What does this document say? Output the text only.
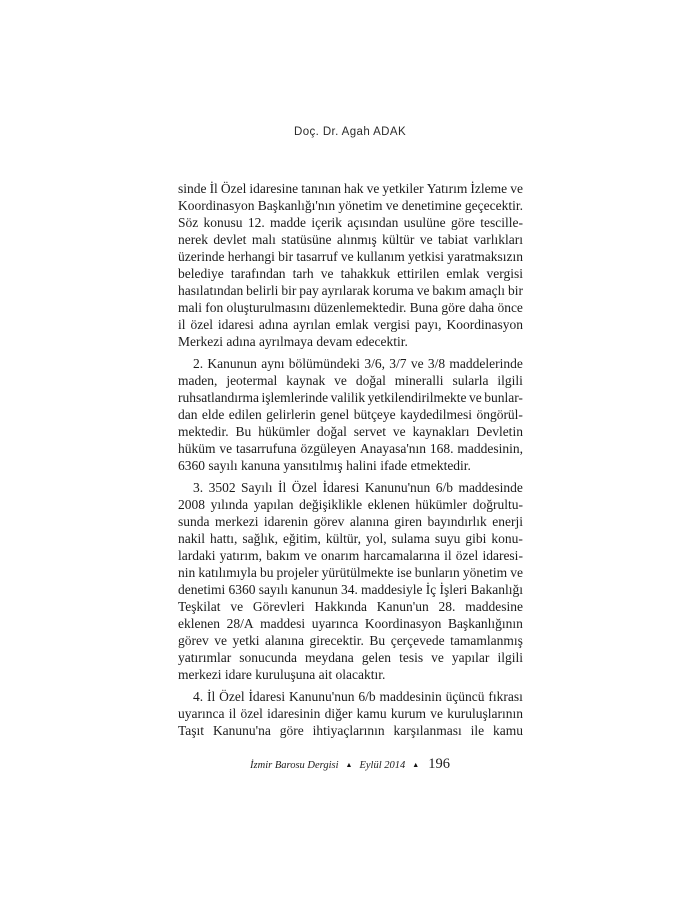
Doç. Dr. Agah ADAK
sinde İl Özel idaresine tanınan hak ve yetkiler Yatırım İzleme ve
Koordinasyon Başkanlığı'nın yönetim ve denetimine geçecektir.
Söz konusu 12. madde içerik açısından usulüne göre tescille-
nerek devlet malı statüsüne alınmış kültür ve tabiat varlıkları
üzerinde herhangi bir tasarruf ve kullanım yetkisi yaratmaksızın
belediye tarafından tarh ve tahakkuk ettirilen emlak vergisi
hasılatından belirli bir pay ayrılarak koruma ve bakım amaçlı bir
mali fon oluşturulmasını düzenlemektedir. Buna göre daha önce
il özel idaresi adına ayrılan emlak vergisi payı, Koordinasyon
Merkezi adına ayrılmaya devam edecektir.
2. Kanunun aynı bölümündeki 3/6, 3/7 ve 3/8 maddelerinde
maden, jeotermal kaynak ve doğal mineralli sularla ilgili
ruhsatlandırma işlemlerinde valilik yetkilendirilmekte ve bunlar-
dan elde edilen gelirlerin genel bütçeye kaydedilmesi öngörül-
mektedir. Bu hükümler doğal servet ve kaynakları Devletin
hüküm ve tasarrufuna özgüleyen Anayasa'nın 168. maddesinin,
6360 sayılı kanuna yansıtılmış halini ifade etmektedir.
3. 3502 Sayılı İl Özel İdaresi Kanunu'nun 6/b maddesinde
2008 yılında yapılan değişiklikle eklenen hükümler doğrultu-
sunda merkezi idarenin görev alanına giren bayındırlık enerji
nakil hattı, sağlık, eğitim, kültür, yol, sulama suyu gibi konu-
lardaki yatırım, bakım ve onarım harcamalarına il özel idaresi-
nin katılımıyla bu projeler yürütülmekte ise bunların yönetim ve
denetimi 6360 sayılı kanunun 34. maddesiyle İç İşleri Bakanlığı
Teşkilat ve Görevleri Hakkında Kanun'un 28. maddesine
eklenen 28/A maddesi uyarınca Koordinasyon Başkanlığının
görev ve yetki alanına girecektir. Bu çerçevede tamamlanmış
yatırımlar sonucunda meydana gelen tesis ve yapılar ilgili
merkezi idare kuruluşuna ait olacaktır.
4. İl Özel İdaresi Kanunu'nun 6/b maddesinin üçüncü fıkrası
uyarınca il özel idaresinin diğer kamu kurum ve kuruluşlarının
Taşıt Kanunu'na göre ihtiyaçlarının karşılanması ile kamu
İzmir Barosu Dergisi ▲ Eylül 2014 ▲ 196
